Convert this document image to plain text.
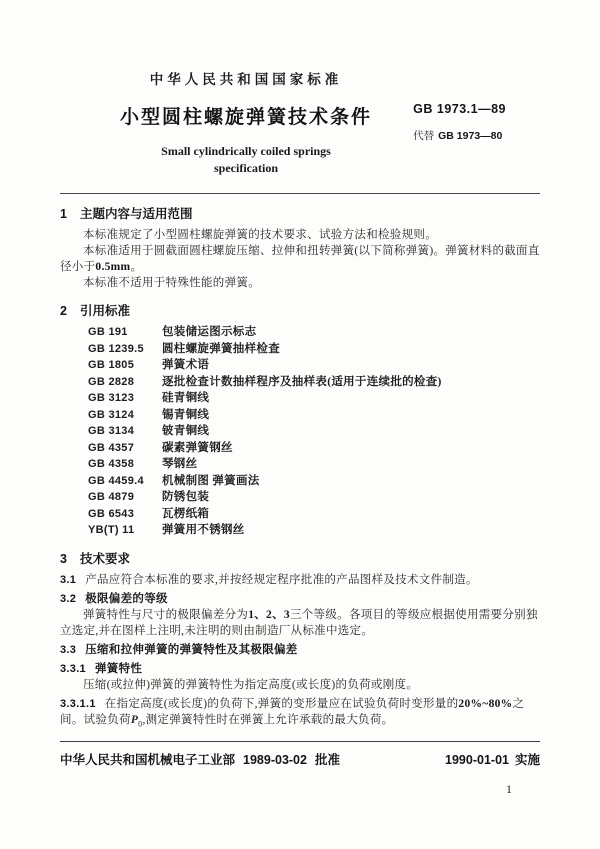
中华人民共和国国家标准
GB 1973.1—89
代替 GB 1973—80
小型圆柱螺旋弹簧技术条件
Small cylindrically coiled springs
specification
1 主题内容与适用范围

本标准规定了小型圆柱螺旋弹簧的技术要求、试验方法和检验规则。

本标准适用于圆截面圆柱螺旋压缩、拉伸和扭转弹簧(以下简称弹簧)。弹簧材料的截面直径小于0.5mm。

本标准不适用于特殊性能的弹簧。

2 引用标准
GB 191	包装储运图示标志
GB 1239.5	圆柱螺旋弹簧抽样检查
GB 1805	弹簧术语
GB 2828	逐批检查计数抽样程序及抽样表(适用于连续批的检查)
GB 3123	硅青铜线
GB 3124	锡青铜线
GB 3134	铍青铜线
GB 4357	碳素弹簧钢丝
GB 4358	琴钢丝
GB 4459.4	机械制图 弹簧画法
GB 4879	防锈包装
GB 6543	瓦楞纸箱
YB(T) 11	弹簧用不锈钢丝
3 技术要求

3.1 产品应符合本标准的要求,并按经规定程序批准的产品图样及技术文件制造。

3.2 极限偏差的等级

弹簧特性与尺寸的极限偏差分为1、2、3三个等级。各项目的等级应根据使用需要分别独立选定,并在图样上注明,未注明的则由制造厂从标准中选定。

3.3 压缩和拉伸弹簧的弹簧特性及其极限偏差

3.3.1 弹簧特性

压缩(或拉伸)弹簧的弹簧特性为指定高度(或长度)的负荷或刚度。

3.3.1.1 在指定高度(或长度)的负荷下,弹簧的变形量应在试验负荷时变形量的20%~80%之间。试验负荷$P_0$,测定弹簧特性时在弹簧上允许承载的最大负荷。

中华人民共和国机械电子工业部 1989-03-02 批准	1990-01-01 实施
1
